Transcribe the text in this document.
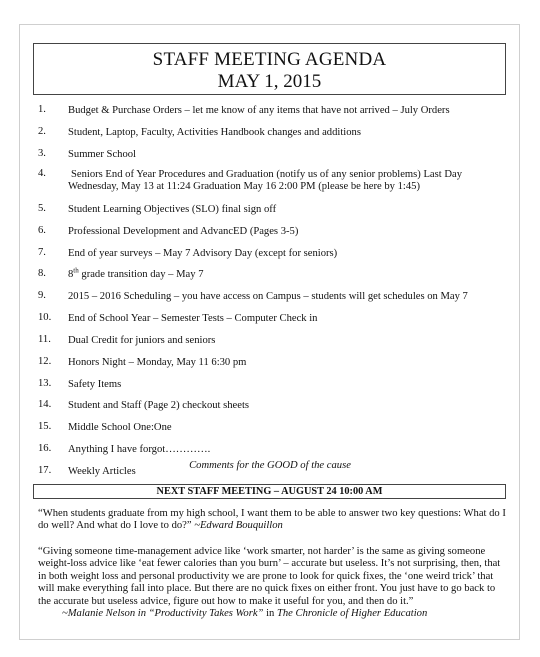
STAFF MEETING AGENDA
MAY 1, 2015
1. Budget & Purchase Orders – let me know of any items that have not arrived – July Orders
2. Student, Laptop, Faculty, Activities Handbook changes and additions
3. Summer School
4. Seniors End of Year Procedures and Graduation (notify us of any senior problems) Last Day
Wednesday, May 13 at 11:24 Graduation May 16 2:00 PM (please be here by 1:45)
5. Student Learning Objectives (SLO) final sign off
6. Professional Development and AdvancED (Pages 3-5)
7. End of year surveys – May 7 Advisory Day (except for seniors)
8. 8th grade transition day – May 7
9. 2015 – 2016 Scheduling – you have access on Campus – students will get schedules on May 7
10. End of School Year – Semester Tests – Computer Check in
11. Dual Credit for juniors and seniors
12. Honors Night – Monday, May 11 6:30 pm
13. Safety Items
14. Student and Staff (Page 2) checkout sheets
15. Middle School One:One
16. Anything I have forgot………….
17. Weekly Articles
Comments for the GOOD of the cause
NEXT STAFF MEETING – AUGUST 24 10:00 AM
“When students graduate from my high school, I want them to be able to answer two key questions: What do I do well? And what do I love to do?” ~Edward Bouquillon
“Giving someone time-management advice like ‘work smarter, not harder’ is the same as giving someone weight-loss advice like ‘eat fewer calories than you burn’ – accurate but useless. It’s not surprising, then, that in both weight loss and personal productivity we are prone to look for quick fixes, the ‘one weird trick’ that will make everything fall into place. But there are no quick fixes on either front. You just have to go back to the accurate but useless advice, figure out how to make it useful for you, and then do it.”
~Malanie Nelson in “Productivity Takes Work” in The Chronicle of Higher Education
